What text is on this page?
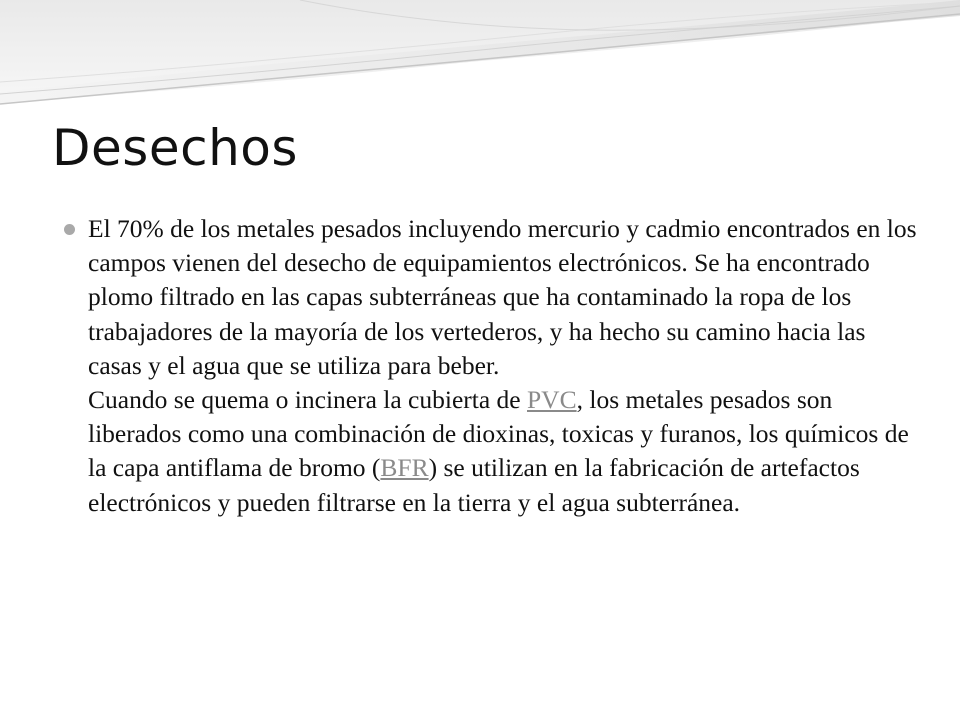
Desechos
El 70% de los metales pesados incluyendo mercurio y cadmio encontrados en los campos vienen del desecho de equipamientos electrónicos. Se ha encontrado plomo filtrado en las capas subterráneas que ha contaminado la ropa de los trabajadores de la mayoría de los vertederos, y ha hecho su camino hacia las casas y el agua que se utiliza para beber.
Cuando se quema o incinera la cubierta de PVC, los metales pesados son liberados como una combinación de dioxinas, toxicas y furanos, los químicos de la capa antiflama de bromo (BFR) se utilizan en la fabricación de artefactos electrónicos y pueden filtrarse en la tierra y el agua subterránea.
